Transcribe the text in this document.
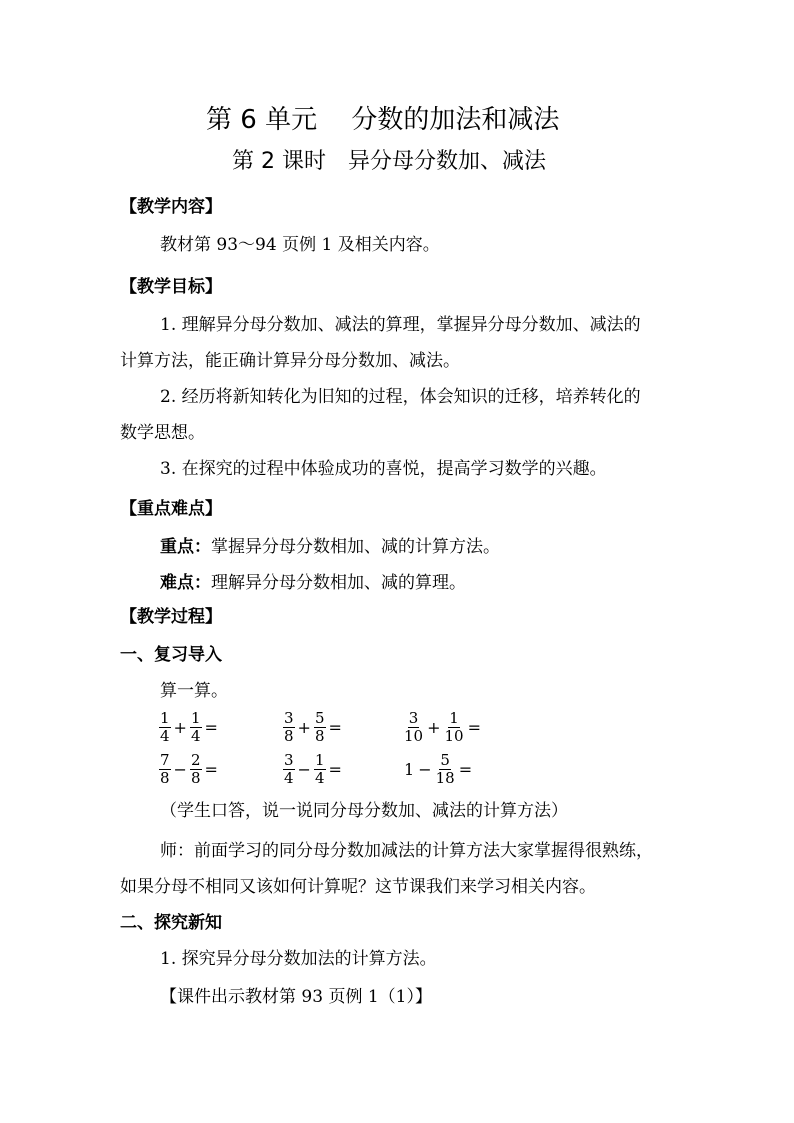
第 6 单元　 分数的加法和减法
第 2 课时　异分母分数加、减法
【教学内容】
教材第 93～94 页例 1 及相关内容。
【教学目标】
1. 理解异分母分数加、减法的算理，掌握异分母分数加、减法的
计算方法，能正确计算异分母分数加、减法。
2. 经历将新知转化为旧知的过程，体会知识的迁移，培养转化的
数学思想。
3. 在探究的过程中体验成功的喜悦，提高学习数学的兴趣。
【重点难点】
重点：掌握异分母分数相加、减的计算方法。
难点：理解异分母分数相加、减的算理。
【教学过程】
一、复习导入
算一算。
$\frac{1}{4} + \frac{1}{4}$ =	$\frac{3}{8} + \frac{5}{8}$ =	$\frac{3}{10} + \frac{1}{10}$ =
$\frac{7}{8} - \frac{2}{8}$ =	$\frac{3}{4} - \frac{1}{4}$ =	$1 - \frac{5}{18}$ =
（学生口答，说一说同分母分数加、减法的计算方法）
师：前面学习的同分母分数加减法的计算方法大家掌握得很熟练，
如果分母不相同又该如何计算呢？这节课我们来学习相关内容。
二、探究新知
1. 探究异分母分数加法的计算方法。
【课件出示教材第 93 页例 1（1）】
